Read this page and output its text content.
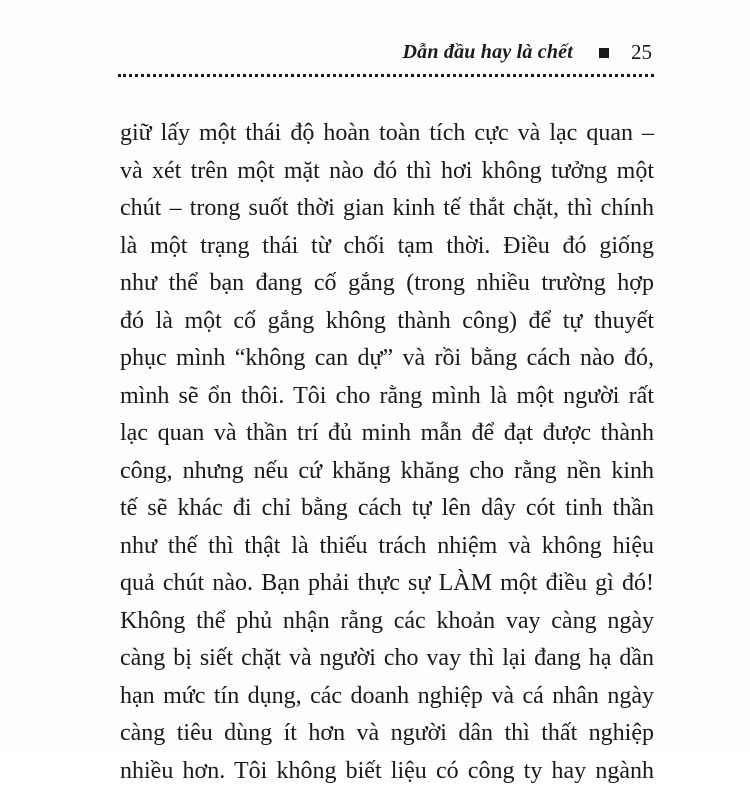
Dẫn đầu hay là chết	25
giữ lấy một thái độ hoàn toàn tích cực và lạc quan –
và xét trên một mặt nào đó thì hơi không tưởng một
chút – trong suốt thời gian kinh tế thắt chặt, thì chính
là một trạng thái từ chối tạm thời. Điều đó giống
như thể bạn đang cố gắng (trong nhiều trường hợp
đó là một cố gắng không thành công) để tự thuyết
phục mình “không can dự” và rồi bằng cách nào đó,
mình sẽ ổn thôi. Tôi cho rằng mình là một người rất
lạc quan và thần trí đủ minh mẫn để đạt được thành
công, nhưng nếu cứ khăng khăng cho rằng nền kinh
tế sẽ khác đi chỉ bằng cách tự lên dây cót tinh thần
như thế thì thật là thiếu trách nhiệm và không hiệu
quả chút nào. Bạn phải thực sự LÀM một điều gì đó!
Không thể phủ nhận rằng các khoản vay càng ngày
càng bị siết chặt và người cho vay thì lại đang hạ dần
hạn mức tín dụng, các doanh nghiệp và cá nhân ngày
càng tiêu dùng ít hơn và người dân thì thất nghiệp
nhiều hơn. Tôi không biết liệu có công ty hay ngành
